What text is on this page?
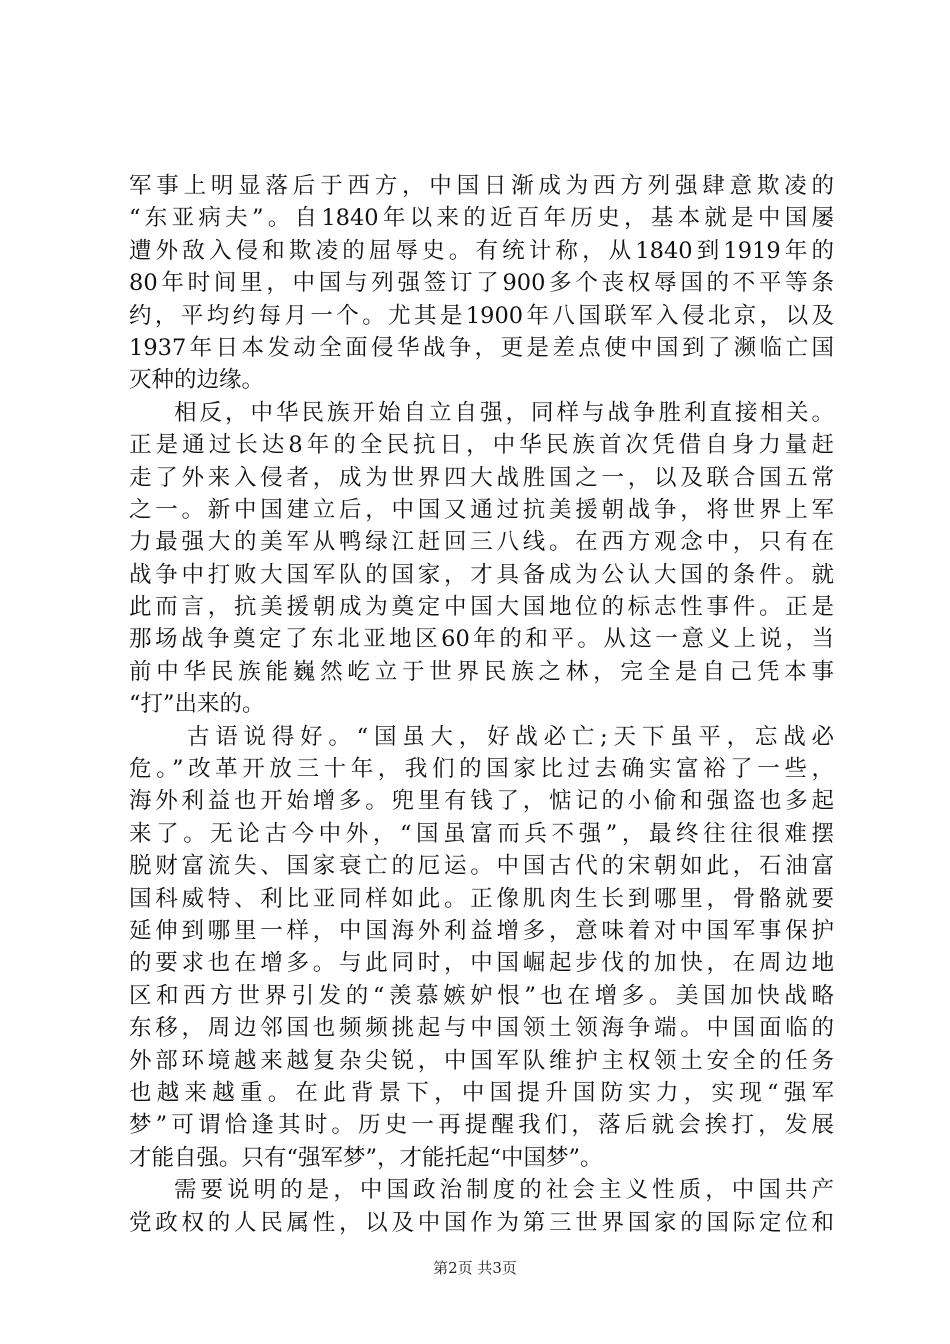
军事上明显落后于西方，中国日渐成为西方列强肆意欺凌的
“东亚病夫”。自1840年以来的近百年历史，基本就是中国屡
遭外敌入侵和欺凌的屈辱史。有统计称，从1840到1919年的
80年时间里，中国与列强签订了900多个丧权辱国的不平等条
约，平均约每月一个。尤其是1900年八国联军入侵北京，以及
1937年日本发动全面侵华战争，更是差点使中国到了濒临亡国
灭种的边缘。
相反，中华民族开始自立自强，同样与战争胜利直接相关。
正是通过长达8年的全民抗日，中华民族首次凭借自身力量赶
走了外来入侵者，成为世界四大战胜国之一，以及联合国五常
之一。新中国建立后，中国又通过抗美援朝战争，将世界上军
力最强大的美军从鸭绿江赶回三八线。在西方观念中，只有在
战争中打败大国军队的国家，才具备成为公认大国的条件。就
此而言，抗美援朝成为奠定中国大国地位的标志性事件。正是
那场战争奠定了东北亚地区60年的和平。从这一意义上说，当
前中华民族能巍然屹立于世界民族之林，完全是自己凭本事
“打”出来的。
古语说得好。“国虽大，好战必亡;天下虽平，忘战必
危。”改革开放三十年，我们的国家比过去确实富裕了一些，
海外利益也开始增多。兜里有钱了，惦记的小偷和强盗也多起
来了。无论古今中外，“国虽富而兵不强”，最终往往很难摆
脱财富流失、国家衰亡的厄运。中国古代的宋朝如此，石油富
国科威特、利比亚同样如此。正像肌肉生长到哪里，骨骼就要
延伸到哪里一样，中国海外利益增多，意味着对中国军事保护
的要求也在增多。与此同时，中国崛起步伐的加快，在周边地
区和西方世界引发的“羡慕嫉妒恨”也在增多。美国加快战略
东移，周边邻国也频频挑起与中国领土领海争端。中国面临的
外部环境越来越复杂尖锐，中国军队维护主权领土安全的任务
也越来越重。在此背景下，中国提升国防实力，实现“强军
梦”可谓恰逢其时。历史一再提醒我们，落后就会挨打，发展
才能自强。只有“强军梦”，才能托起“中国梦”。
需要说明的是，中国政治制度的社会主义性质，中国共产
党政权的人民属性，以及中国作为第三世界国家的国际定位和
第2页 共3页
